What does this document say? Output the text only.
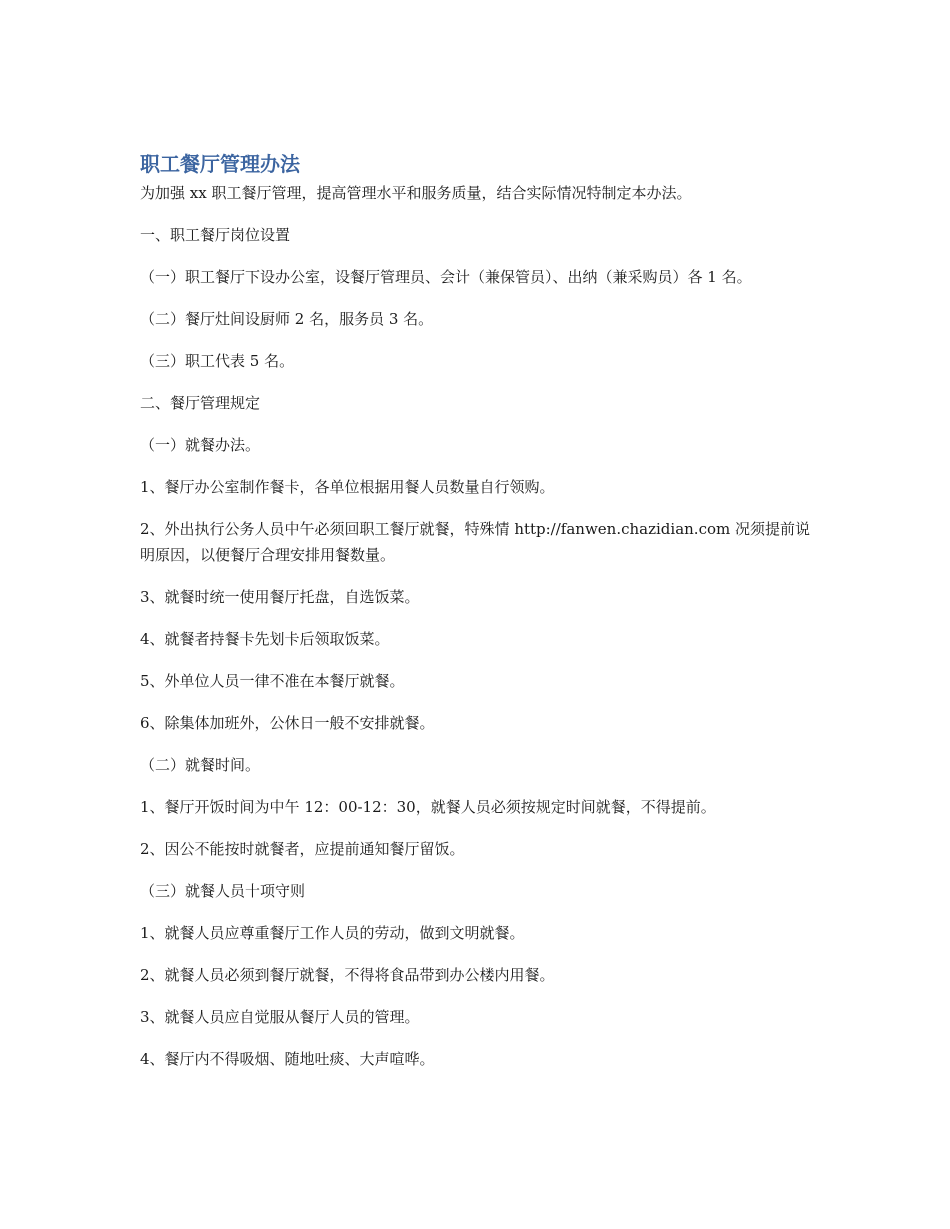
职工餐厅管理办法

为加强 xx 职工餐厅管理，提高管理水平和服务质量，结合实际情况特制定本办法。

一、职工餐厅岗位设置

（一）职工餐厅下设办公室，设餐厅管理员、会计（兼保管员）、出纳（兼采购员）各 1 名。

（二）餐厅灶间设厨师 2 名，服务员 3 名。

（三）职工代表 5 名。

二、餐厅管理规定

（一）就餐办法。

1、餐厅办公室制作餐卡，各单位根据用餐人员数量自行领购。

2、外出执行公务人员中午必须回职工餐厅就餐，特殊情 http://fanwen.chazidian.com 况须提前说明原因，以便餐厅合理安排用餐数量。

3、就餐时统一使用餐厅托盘，自选饭菜。

4、就餐者持餐卡先划卡后领取饭菜。

5、外单位人员一律不准在本餐厅就餐。

6、除集体加班外，公休日一般不安排就餐。

（二）就餐时间。

1、餐厅开饭时间为中午 12：00-12：30，就餐人员必须按规定时间就餐，不得提前。

2、因公不能按时就餐者，应提前通知餐厅留饭。

（三）就餐人员十项守则

1、就餐人员应尊重餐厅工作人员的劳动，做到文明就餐。

2、就餐人员必须到餐厅就餐，不得将食品带到办公楼内用餐。

3、就餐人员应自觉服从餐厅人员的管理。

4、餐厅内不得吸烟、随地吐痰、大声喧哗。
